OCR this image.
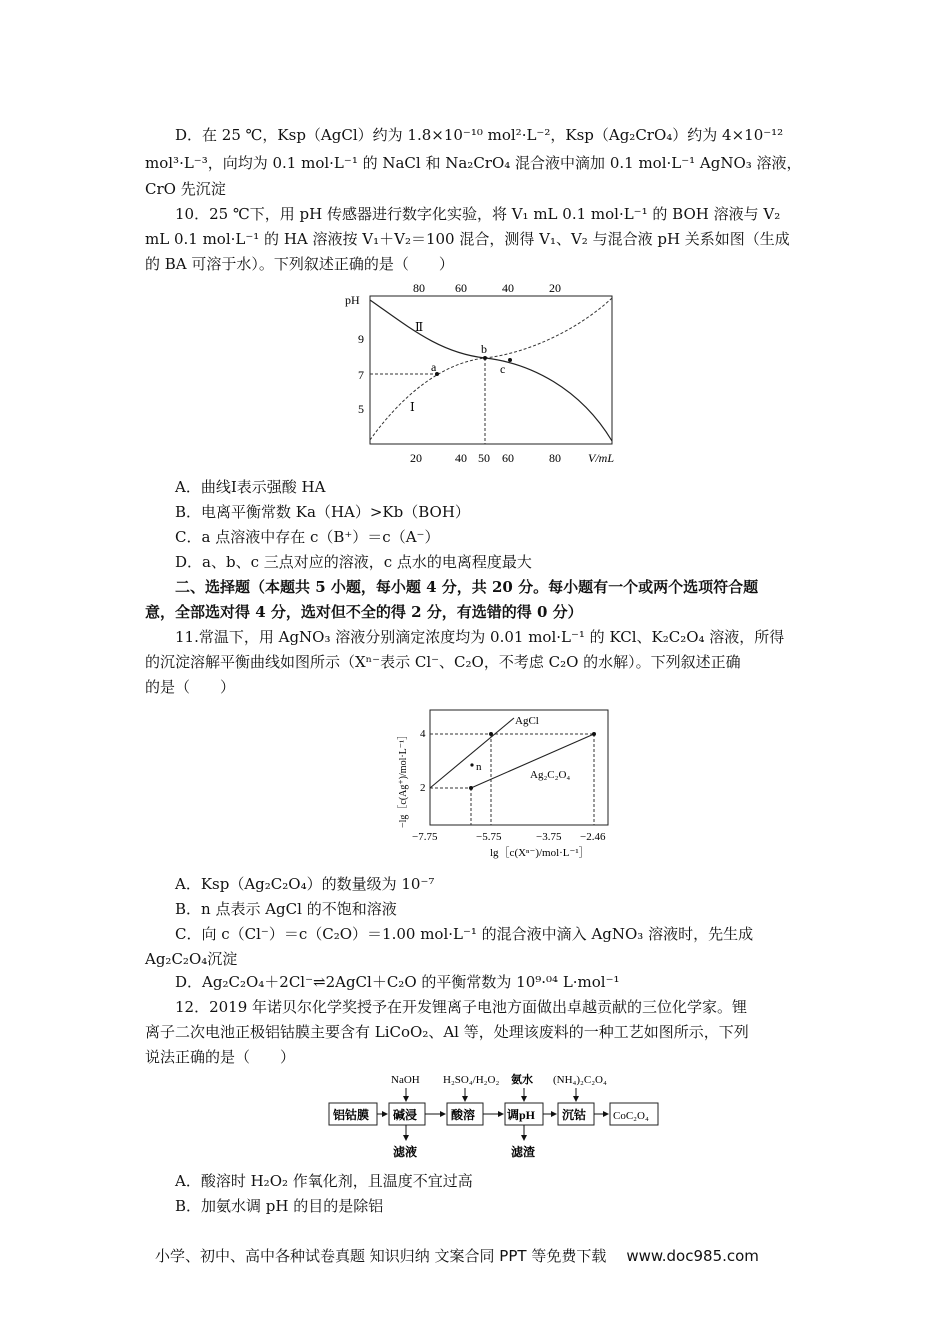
D．在 25 ℃，Ksp（AgCl）约为 1.8×10⁻¹⁰ mol²·L⁻²，Ksp（Ag₂CrO₄）约为 4×10⁻¹²
mol³·L⁻³，向均为 0.1 mol·L⁻¹ 的 NaCl 和 Na₂CrO₄ 混合液中滴加 0.1 mol·L⁻¹ AgNO₃ 溶液，
CrO 先沉淀
10．25 ℃下，用 pH 传感器进行数字化实验，将 V₁ mL 0.1 mol·L⁻¹ 的 BOH 溶液与 V₂
mL 0.1 mol·L⁻¹ 的 HA 溶液按 V₁＋V₂＝100 混合，测得 V₁、V₂ 与混合液 pH 关系如图（生成
的 BA 可溶于水）。下列叙述正确的是（　　）
80	60	40	20
pH
9
7
5
a
b
c
Ⅱ
Ⅰ
20	40 50 60	80 V/mL
A．曲线Ⅰ表示强酸 HA
B．电离平衡常数 Ka（HA）>Kb（BOH）
C．a 点溶液中存在 c（B⁺）＝c（A⁻）
D．a、b、c 三点对应的溶液，c 点水的电离程度最大
二、选择题（本题共 5 小题，每小题 4 分，共 20 分。每小题有一个或两个选项符合题
意，全部选对得 4 分，选对但不全的得 2 分，有选错的得 0 分）
11.常温下，用 AgNO₃ 溶液分别滴定浓度均为 0.01 mol·L⁻¹ 的 KCl、K₂C₂O₄ 溶液，所得
的沉淀溶解平衡曲线如图所示（Xⁿ⁻表示 Cl⁻、C₂O，不考虑 C₂O 的水解）。下列叙述正确
的是（　　）
−lg［c(Ag⁺)/mol·L⁻¹］ 4
2
AgCl
Ag₂C₂O₄
n
−7.75	−5.75	−3.75 −2.46
lg［c(Xⁿ⁻)/mol·L⁻¹］
A．Ksp（Ag₂C₂O₄）的数量级为 10⁻⁷
B．n 点表示 AgCl 的不饱和溶液
C．向 c（Cl⁻）＝c（C₂O）＝1.00 mol·L⁻¹ 的混合液中滴入 AgNO₃ 溶液时，先生成
Ag₂C₂O₄沉淀
D．Ag₂C₂O₄＋2Cl⁻⇌2AgCl＋C₂O 的平衡常数为 10⁹·⁰⁴ L·mol⁻¹
12．2019 年诺贝尔化学奖授予在开发锂离子电池方面做出卓越贡献的三位化学家。锂
离子二次电池正极铝钴膜主要含有 LiCoO₂、Al 等，处理该废料的一种工艺如图所示，下列
说法正确的是（　　）
NaOH H₂SO₄/H₂O₂ 氨水 (NH₄)₂C₂O₄
铝钴膜 碱浸	酸溶	调pH 沉钴 CoC₂O₄
滤液	滤渣
A．酸溶时 H₂O₂ 作氧化剂，且温度不宜过高
B．加氨水调 pH 的目的是除铝
小学、初中、高中各种试卷真题 知识归纳 文案合同 PPT 等免费下载 www.doc985.com
